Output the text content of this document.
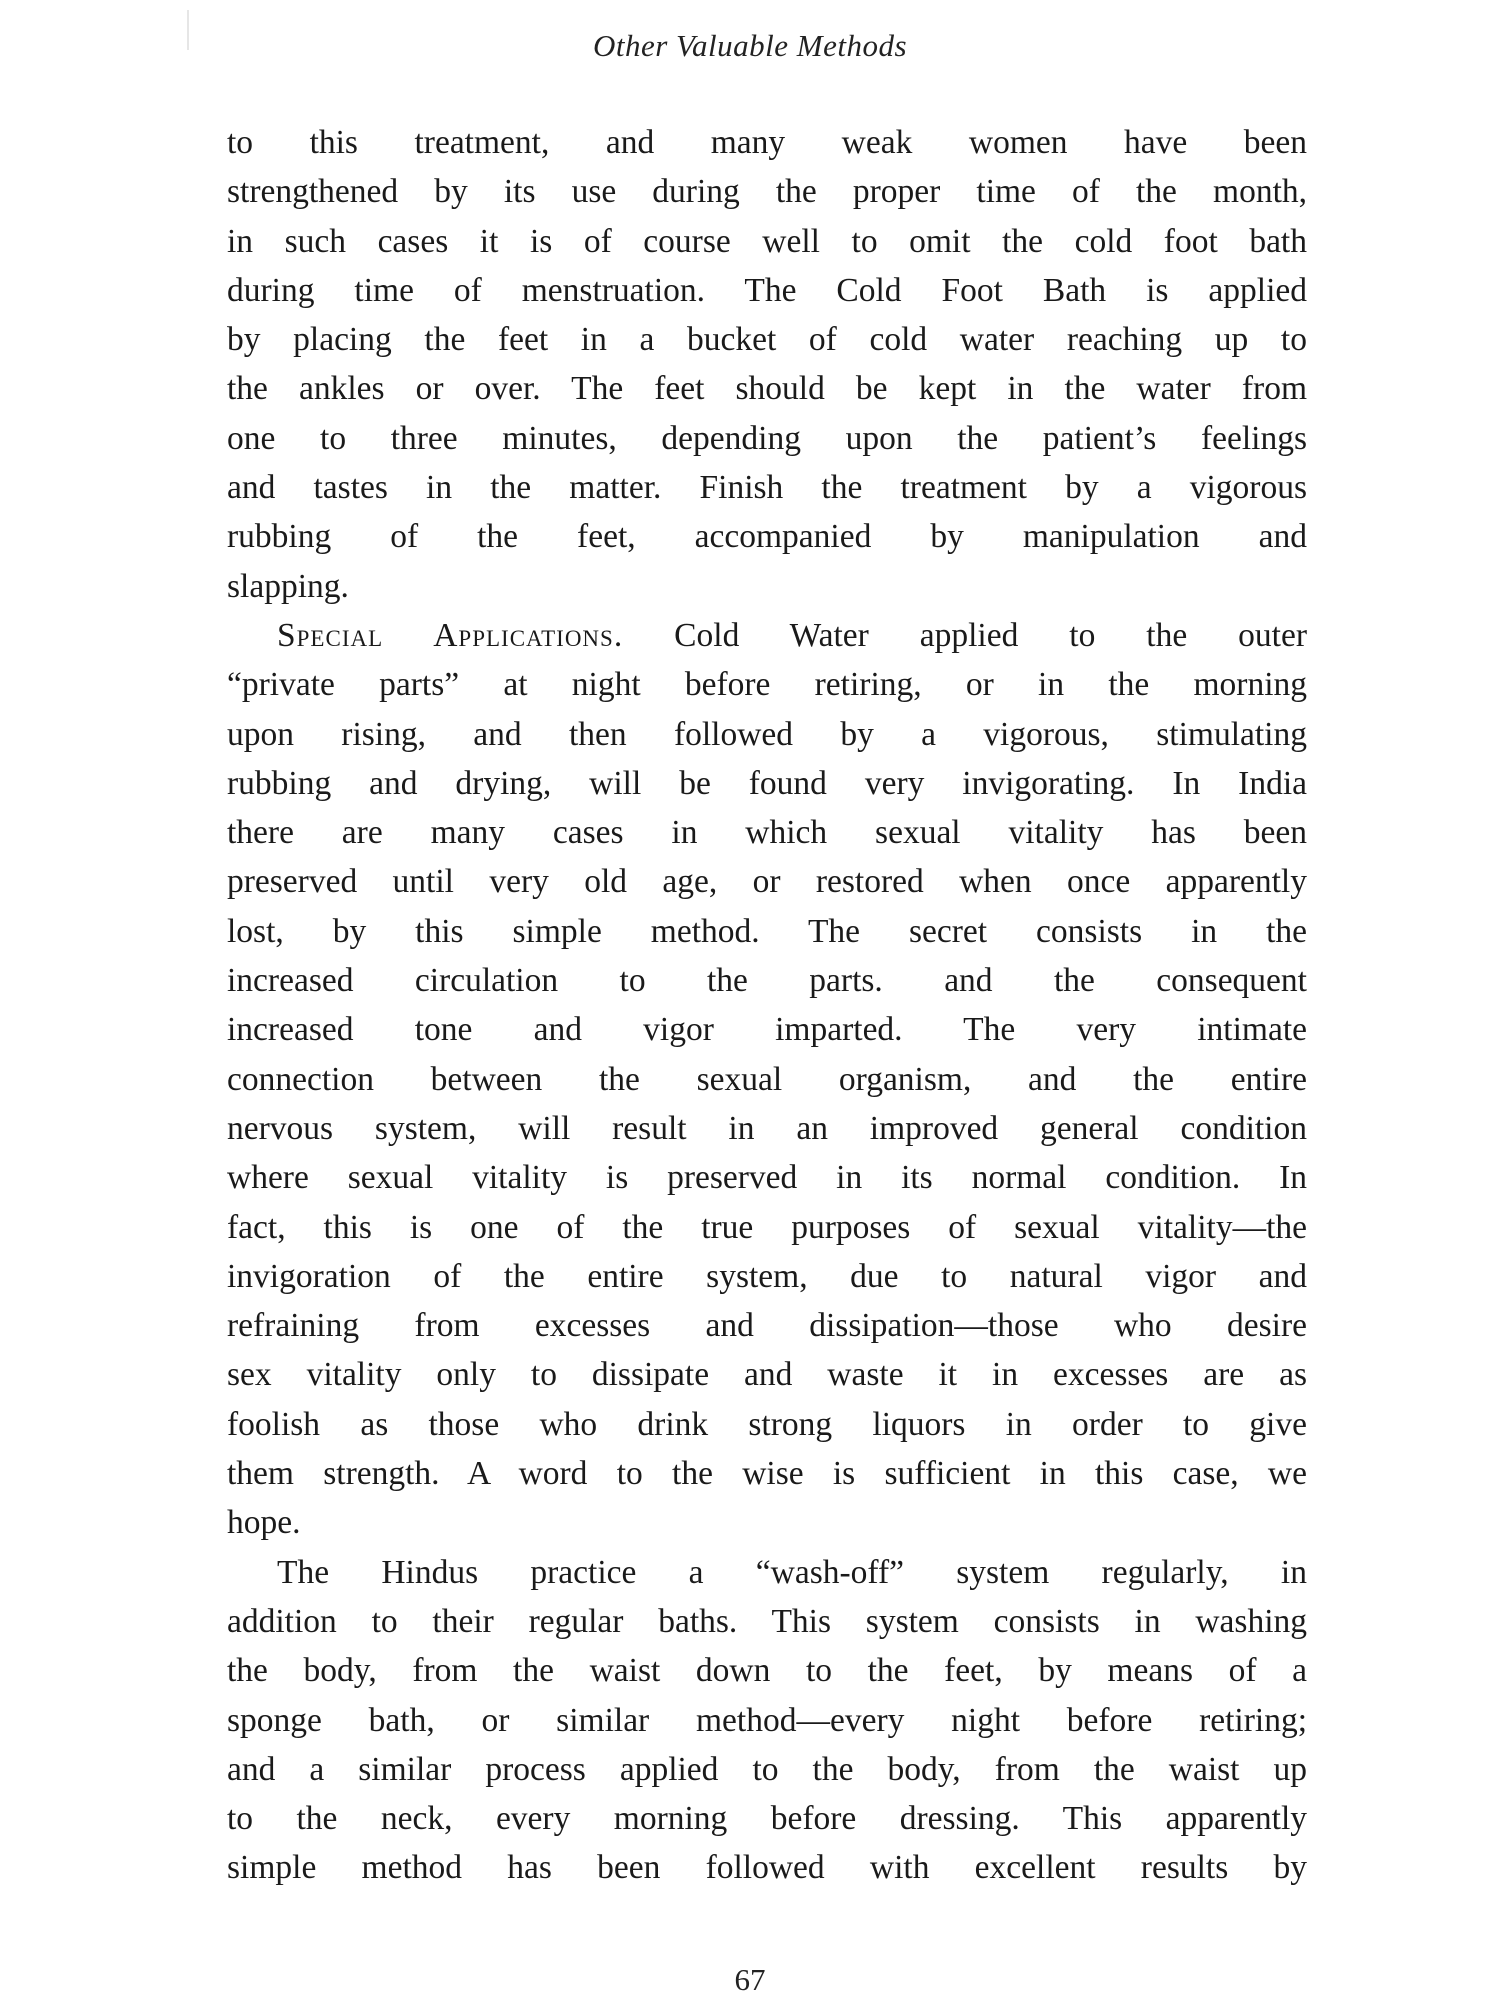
Other Valuable Methods
to this treatment, and many weak women have been
strengthened by its use during the proper time of the month,
in such cases it is of course well to omit the cold foot bath
during time of menstruation. The Cold Foot Bath is applied
by placing the feet in a bucket of cold water reaching up to
the ankles or over. The feet should be kept in the water from
one to three minutes, depending upon the patient’s feelings
and tastes in the matter. Finish the treatment by a vigorous
rubbing of the feet, accompanied by manipulation and
slapping.
Special Applications. Cold Water applied to the outer
“private parts” at night before retiring, or in the morning
upon rising, and then followed by a vigorous, stimulating
rubbing and drying, will be found very invigorating. In India
there are many cases in which sexual vitality has been
preserved until very old age, or restored when once apparently
lost, by this simple method. The secret consists in the
increased circulation to the parts. and the consequent
increased tone and vigor imparted. The very intimate
connection between the sexual organism, and the entire
nervous system, will result in an improved general condition
where sexual vitality is preserved in its normal condition. In
fact, this is one of the true purposes of sexual vitality—the
invigoration of the entire system, due to natural vigor and
refraining from excesses and dissipation—those who desire
sex vitality only to dissipate and waste it in excesses are as
foolish as those who drink strong liquors in order to give
them strength. A word to the wise is sufficient in this case, we
hope.
The Hindus practice a “wash-off” system regularly, in
addition to their regular baths. This system consists in washing
the body, from the waist down to the feet, by means of a
sponge bath, or similar method—every night before retiring;
and a similar process applied to the body, from the waist up
to the neck, every morning before dressing. This apparently
simple method has been followed with excellent results by
67
